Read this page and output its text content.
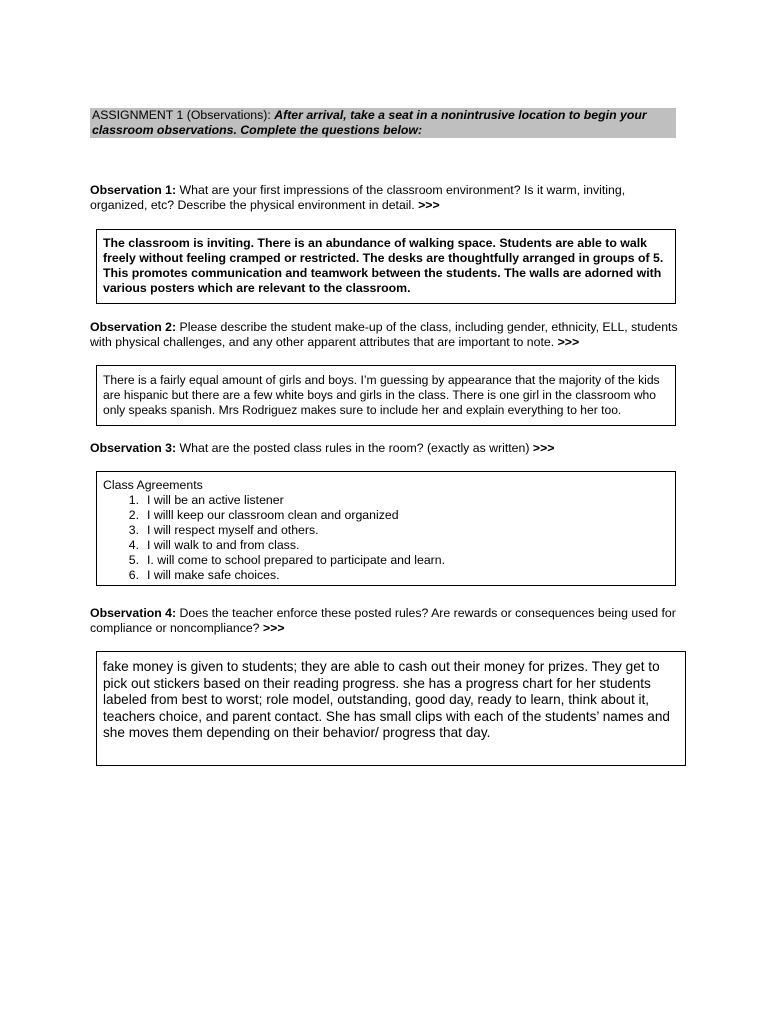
ASSIGNMENT 1 (Observations): After arrival, take a seat in a nonintrusive location to begin your classroom observations. Complete the questions below:
Observation 1: What are your first impressions of the classroom environment? Is it warm, inviting, organized, etc? Describe the physical environment in detail. >>>
The classroom is inviting. There is an abundance of walking space. Students are able to walk freely without feeling cramped or restricted. The desks are thoughtfully arranged in groups of 5. This promotes communication and teamwork between the students. The walls are adorned with various posters which are relevant to the classroom.
Observation 2: Please describe the student make-up of the class, including gender, ethnicity, ELL, students with physical challenges, and any other apparent attributes that are important to note. >>>
There is a fairly equal amount of girls and boys. I’m guessing by appearance that the majority of the kids are hispanic but there are a few white boys and girls in the class. There is one girl in the classroom who only speaks spanish. Mrs Rodriguez makes sure to include her and explain everything to her too.
Observation 3: What are the posted class rules in the room? (exactly as written) >>>
Class Agreements
1. I will be an active listener
2. I willl keep our classroom clean and organized
3. I will respect myself and others.
4. I will walk to and from class.
5. I. will come to school prepared to participate and learn.
6. I will make safe choices.
Observation 4: Does the teacher enforce these posted rules? Are rewards or consequences being used for compliance or noncompliance? >>>
fake money is given to students; they are able to cash out their money for prizes. They get to pick out stickers based on their reading progress. she has a progress chart for her students labeled from best to worst; role model, outstanding, good day, ready to learn, think about it, teachers choice, and parent contact. She has small clips with each of the students’ names and she moves them depending on their behavior/ progress that day.
